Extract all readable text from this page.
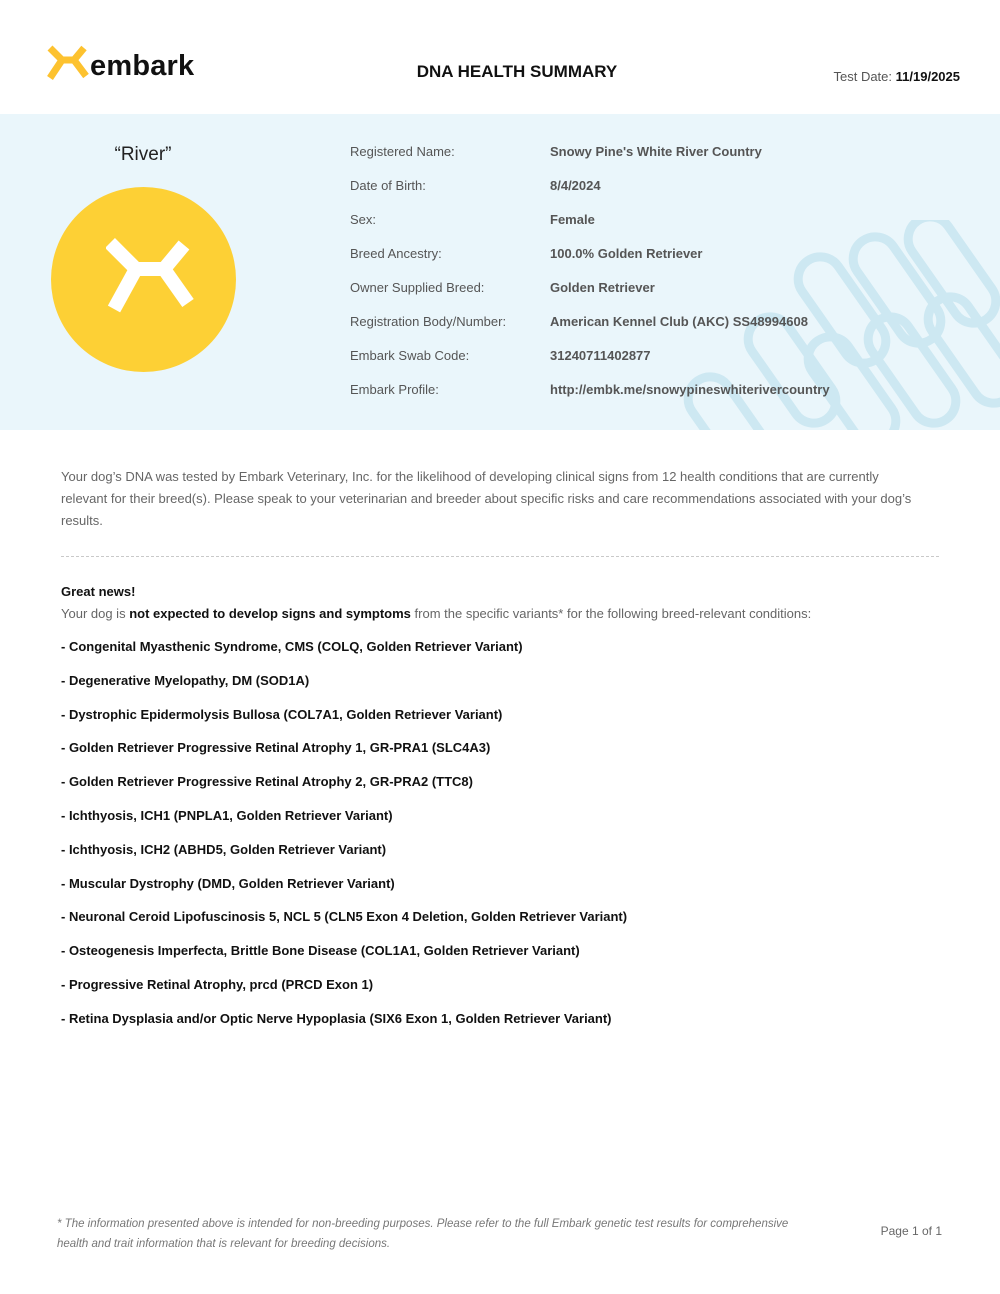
embark	DNA HEALTH SUMMARY	Test Date: 11/19/2025
“River”	Registered Name:	Snowy Pine's White River Country
Date of Birth:	8/4/2024
Sex:	Female
Breed Ancestry:	100.0% Golden Retriever
Owner Supplied Breed:	Golden Retriever
Registration Body/Number:	American Kennel Club (AKC) SS48994608
Embark Swab Code:	31240711402877
Embark Profile:	http://embk.me/snowypineswhiterivercountry
Your dog’s DNA was tested by Embark Veterinary, Inc. for the likelihood of developing clinical signs from 12 health conditions that are currently relevant for their breed(s). Please speak to your veterinarian and breeder about specific risks and care recommendations associated with your dog’s results.
Great news!
Your dog is not expected to develop signs and symptoms from the specific variants* for the following breed-relevant conditions:
- Congenital Myasthenic Syndrome, CMS (COLQ, Golden Retriever Variant)
- Degenerative Myelopathy, DM (SOD1A)
- Dystrophic Epidermolysis Bullosa (COL7A1, Golden Retriever Variant)
- Golden Retriever Progressive Retinal Atrophy 1, GR-PRA1 (SLC4A3)
- Golden Retriever Progressive Retinal Atrophy 2, GR-PRA2 (TTC8)
- Ichthyosis, ICH1 (PNPLA1, Golden Retriever Variant)
- Ichthyosis, ICH2 (ABHD5, Golden Retriever Variant)
- Muscular Dystrophy (DMD, Golden Retriever Variant)
- Neuronal Ceroid Lipofuscinosis 5, NCL 5 (CLN5 Exon 4 Deletion, Golden Retriever Variant)
- Osteogenesis Imperfecta, Brittle Bone Disease (COL1A1, Golden Retriever Variant)
- Progressive Retinal Atrophy, prcd (PRCD Exon 1)
- Retina Dysplasia and/or Optic Nerve Hypoplasia (SIX6 Exon 1, Golden Retriever Variant)
* The information presented above is intended for non-breeding purposes. Please refer to the full Embark genetic test results for comprehensive health and trait information that is relevant for breeding decisions.
Page 1 of 1
